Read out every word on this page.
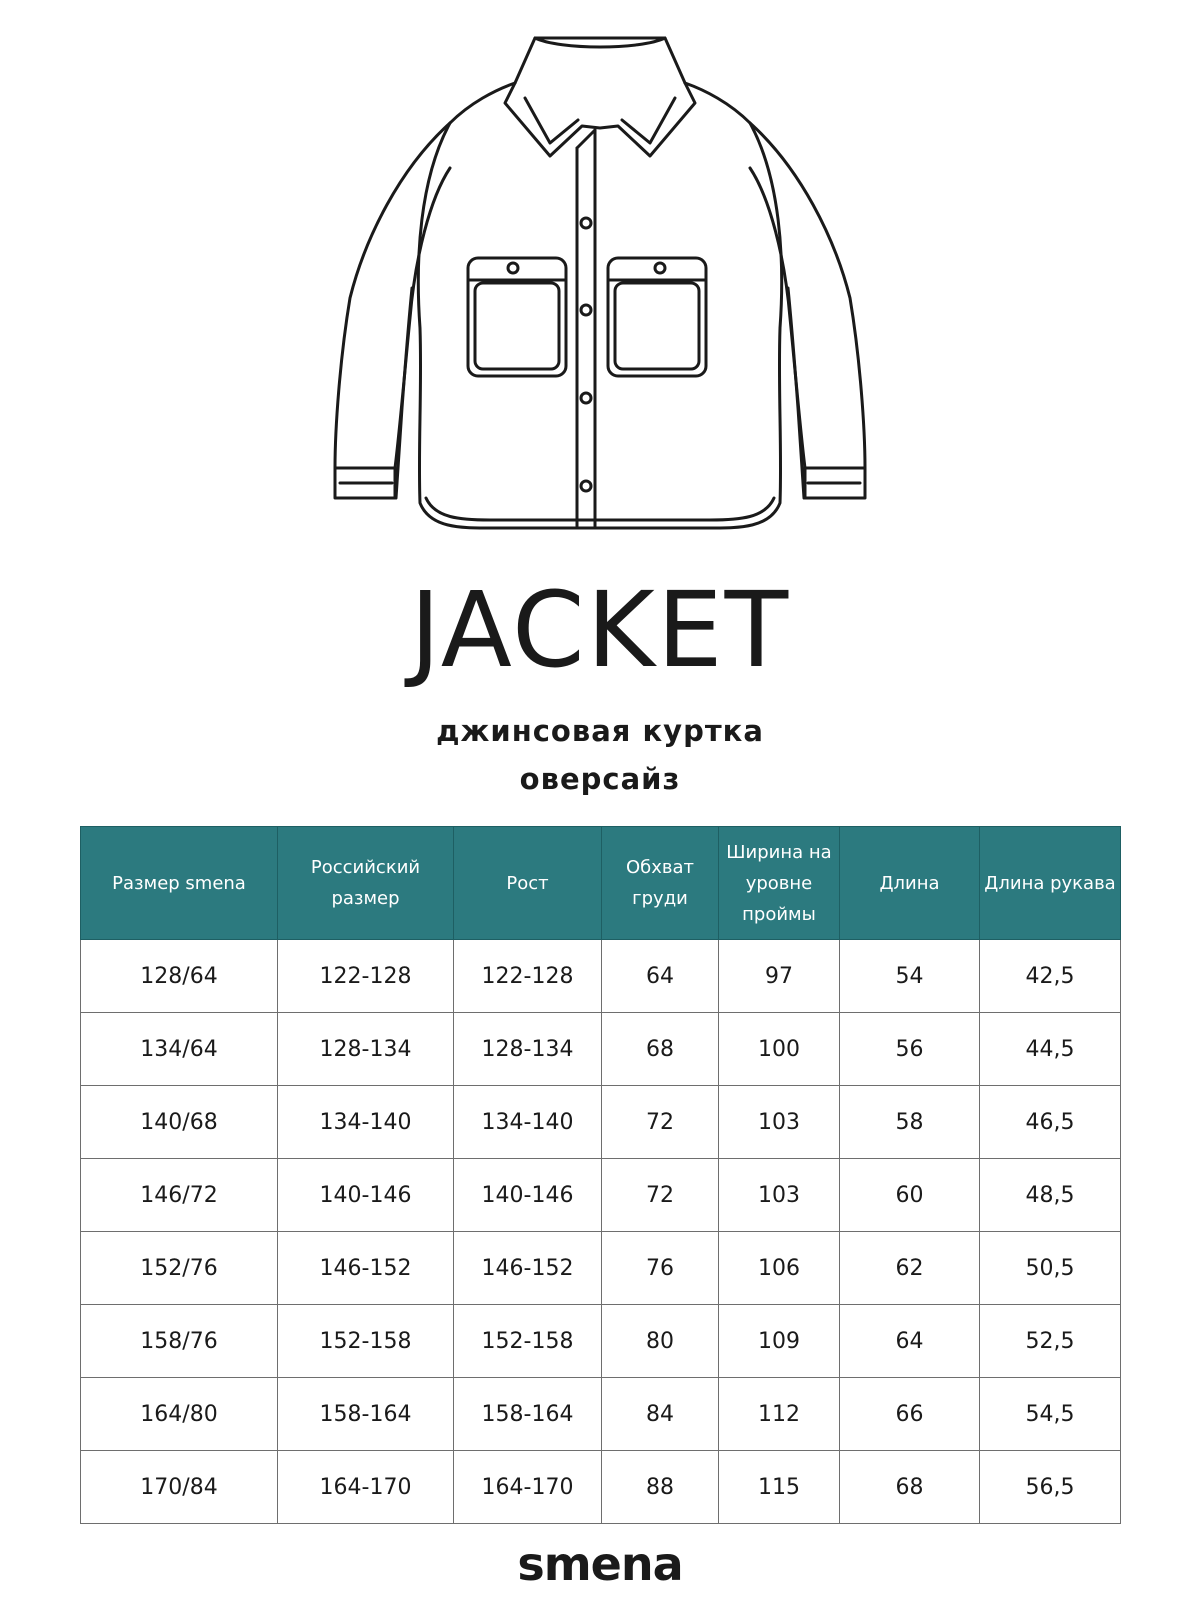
JACKET
джинсовая куртка
оверсайз
Размер smena	Российский размер	Рост	Обхват груди	Ширина на уровне проймы	Длина	Длина рукава
128/64	122-128	122-128	64	97	54	42,5
134/64	128-134	128-134	68	100	56	44,5
140/68	134-140	134-140	72	103	58	46,5
146/72	140-146	140-146	72	103	60	48,5
152/76	146-152	146-152	76	106	62	50,5
158/76	152-158	152-158	80	109	64	52,5
164/80	158-164	158-164	84	112	66	54,5
170/84	164-170	164-170	88	115	68	56,5
smena
